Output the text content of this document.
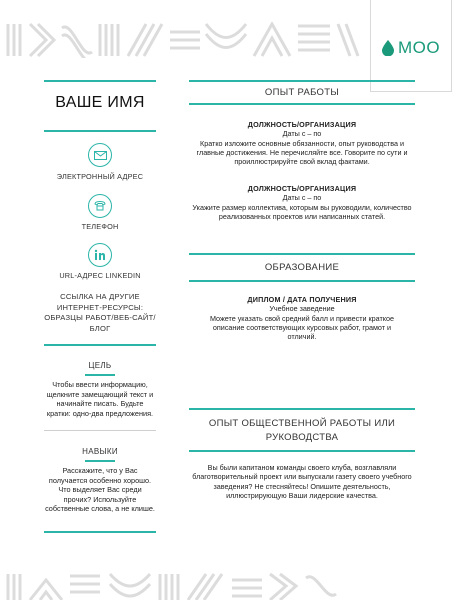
MOO
ВАШЕ ИМЯ
ЭЛЕКТРОННЫЙ АДРЕС
ТЕЛЕФОН
URL-АДРЕС LINKEDIN
ССЫЛКА НА ДРУГИЕ ИНТЕРНЕТ-РЕСУРСЫ: ОБРАЗЦЫ РАБОТ/ВЕБ-САЙТ/БЛОГ
ЦЕЛЬ
Чтобы ввести информацию, щелкните замещающий текст и начинайте писать. Будьте кратки: одно-два предложения.
НАВЫКИ
Расскажите, что у Вас получается особенно хорошо. Что выделяет Вас среди прочих? Используйте собственные слова, а не клише.
ОПЫТ РАБОТЫ
ДОЛЖНОСТЬ/ОРГАНИЗАЦИЯ
Даты с – по
Кратко изложите основные обязанности, опыт руководства и главные достижения. Не перечисляйте все. Говорите по сути и проиллюстрируйте свой вклад фактами.
ДОЛЖНОСТЬ/ОРГАНИЗАЦИЯ
Даты с – по
Укажите размер коллектива, которым вы руководили, количество реализованных проектов или написанных статей.
ОБРАЗОВАНИЕ
ДИПЛОМ / ДАТА ПОЛУЧЕНИЯ
Учебное заведение
Можете указать свой средний балл и привести краткое описание соответствующих курсовых работ, грамот и отличий.
ОПЫТ ОБЩЕСТВЕННОЙ РАБОТЫ ИЛИ РУКОВОДСТВА
Вы были капитаном команды своего клуба, возглавляли благотворительный проект или выпускали газету своего учебного заведения? Не стесняйтесь! Опишите деятельность, иллюстрирующую Ваши лидерские качества.
